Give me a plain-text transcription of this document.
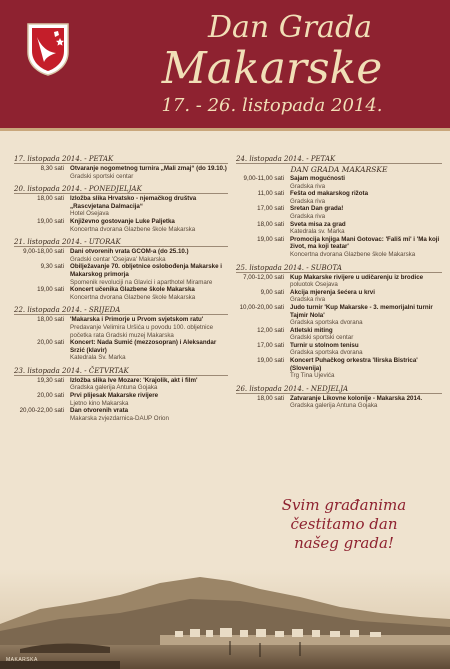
Dan Grada
Makarske
17. - 26. listopada 2014.
17. listopada 2014. - PETAK
8,30 sati Otvaranje nogometnog turnira „Mali zmaj“ (do 19.10.)
Gradski sportski centar
20. listopada 2014. - PONEDJELJAK
18,00 sati Izložba slika Hrvatsko - njemačkog društva „Rascvjetana Dalmacija“
Hotel Osejava
19,00 sati Književno gostovanje Luke Paljetka
Koncertna dvorana Glazbene škole Makarska
21. listopada 2014. - UTORAK
9,00-18,00 sati Dani otvorenih vrata GCOM-a (do 25.10.)
Gradski centar 'Osejava' Makarska
9,30 sati Obilježavanje 70. obljetnice oslobođenja Makarske i Makarskog primorja
Spomenik revoluciji na Glavici i aparthotel Miramare
19,00 sati Koncert učenika Glazbene škole Makarska
Koncertna dvorana Glazbene škole Makarska
22. listopada 2014. - SRIJEDA
18,00 sati 'Makarska i Primorje u Prvom svjetskom ratu'
Predavanje Velimira Uršića u povodu 100. obljetnice početka rata Gradski muzej Makarska
20,00 sati Koncert: Nada Sumić (mezzosopran) i Aleksandar Srzić (klavir)
Katedrala Sv. Marka
23. listopada 2014. - ČETVRTAK
19,30 sati Izložba slika Ive Mozare: 'Krajolik, akt i film'
Gradska galerija Antuna Gojaka
20,00 sati Prvi plijesak Makarske rivijere
Ljetno kino Makarska
20,00-22,00 sati Dan otvorenih vrata
Makarska zvjezdarnica-DAUP Orion
24. listopada 2014. - PETAK
DAN GRADA MAKARSKE
9,00-11,00 sati Sajam mogućnosti
Gradska riva
11,00 sati Fešta od makarskog rižota
Gradska riva
17,00 sati Sretan Dan grada!
Gradska riva
18,00 sati Sveta misa za grad
Katedrala sv. Marka
19,00 sati Promocija knjiga Mani Gotovac: 'Fališ mi' i 'Ma koji život, ma koji teatar'
Koncertna dvorana Glazbene škole Makarska
25. listopada 2014. - SUBOTA
7,00-12,00 sati Kup Makarske rivijere u udičarenju iz brodice
poluotok Osejava
9,00 sati Akcija mjerenja šećera u krvi
Gradska riva
10,00-20,00 sati Judo turnir 'Kup Makarske - 3. memorijalni turnir Tajmir Nola'
Gradska sportska dvorana
12,00 sati Atletski miting
Gradski sportski centar
17,00 sati Turnir u stolnom tenisu
Gradska sportska dvorana
19,00 sati Koncert Puhačkog orkestra 'Ilirska Bistrica' (Slovenija)
Trg Tina Ujevića
26. listopada 2014. - NEDJELJA
18,00 sati Zatvaranje Likovne kolonije - Makarska 2014.
Gradska galerija Antuna Gojaka
Svim građanima
čestitamo dan
našeg grada!
MAKARSKA
